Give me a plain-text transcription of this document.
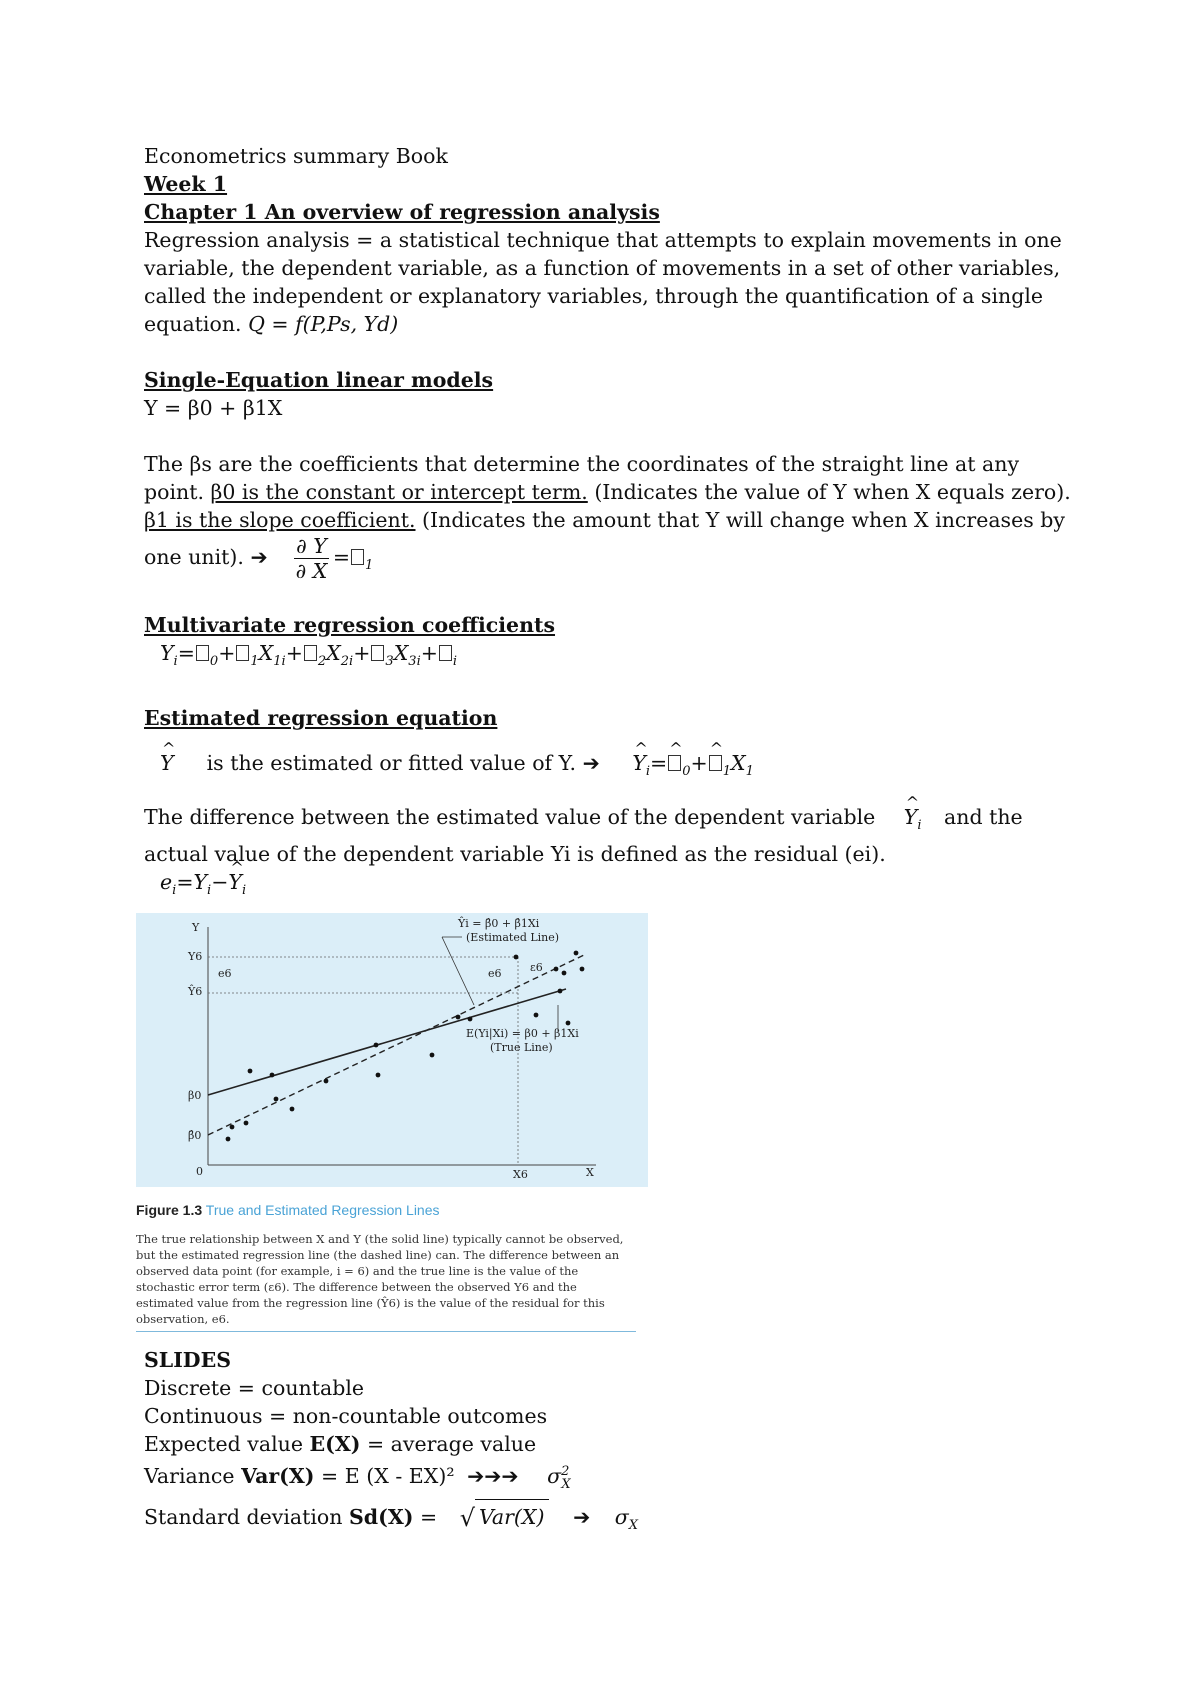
Econometrics summary Book

Week 1

Chapter 1 An overview of regression analysis

Regression analysis = a statistical technique that attempts to explain movements in one variable, the dependent variable, as a function of movements in a set of other variables, called the independent or explanatory variables, through the quantification of a single equation. Q = f(P,Ps, Yd)

Single-Equation linear models

Y = β0 + β1X

The βs are the coefficients that determine the coordinates of the straight line at any point. β0 is the constant or intercept term. (Indicates the value of Y when X equals zero).

β1 is the slope coefficient. (Indicates the amount that Y will change when X increases by one unit). ➔ $\frac{\partial Y}{\partial X} = _1$

Multivariate regression coefficients

$Y_i= _0+ _1X_{1i}+ _2X_{2i}+ _3X_{3i}+ _i$

Estimated regression equation

^ Y is the estimated or fitted value of Y. ➔ ^ $Y_i=\^{}$ $_0$+^ $_1X_1$

The difference between the estimated value of the dependent variable ^ $Y_i$ and the actual value of the dependent variable Yi is defined as the residual (ei).

$e_i=Y_i-\^{}$ $Y_i$

Y
X
0	X6
Y6
Ŷ6
β0
β̂0
e6	e6	ε6
Ŷi = β̂0 + β̂1Xi
(Estimated Line)
E(Yi|Xi) = β0 + β1Xi
(True Line)
Figure 1.3 True and Estimated Regression Lines
The true relationship between X and Y (the solid line) typically cannot be observed, but the estimated regression line (the dashed line) can. The difference between an observed data point (for example, i = 6) and the true line is the value of the stochastic error term (ε6). The difference between the observed Y6 and the estimated value from the regression line (Ŷ6) is the value of the residual for this observation, e6.

SLIDES

Discrete = countable

Continuous = non-countable outcomes

Expected value E(X) = average value

Variance Var(X) = E (X - EX)² ➔➔➔ $\sigma^2_X$

Standard deviation Sd(X) = √ Var(X) ➔ $\sigma_X$
